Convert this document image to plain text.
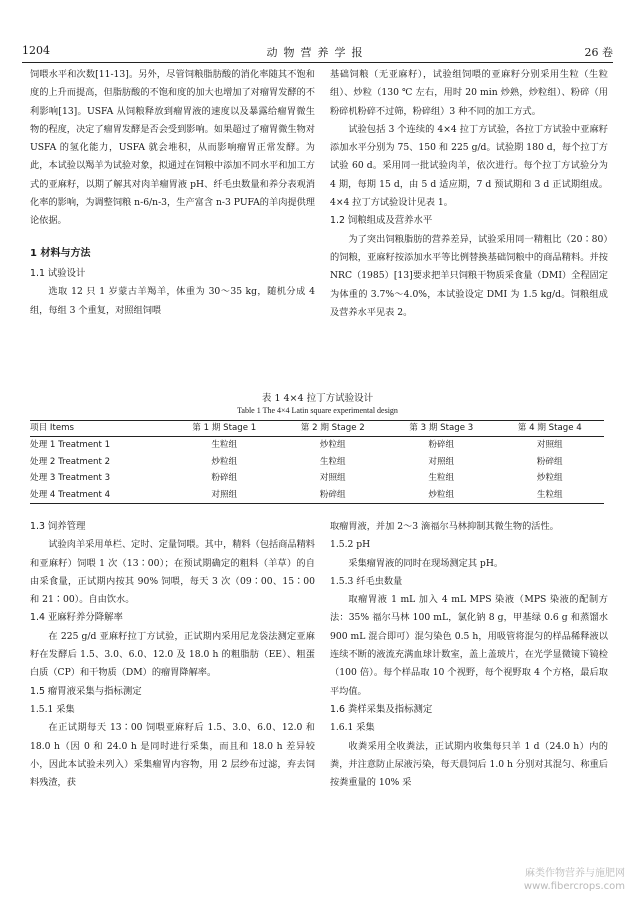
1204	动物营养学报	26 卷

饲喂水平和次数[11-13]。另外，尽管饲粮脂肪酸的消化率随其不饱和度的上升而提高，但脂肪酸的不饱和度的加大也增加了对瘤胃发酵的不利影响[13]。USFA 从饲粮释放到瘤胃液的速度以及暴露给瘤胃微生物的程度，决定了瘤胃发酵是否会受到影响。如果超过了瘤胃微生物对 USFA 的氢化能力，USFA 就会堆积，从而影响瘤胃正常发酵。为此，本试验以羯羊为试验对象，拟通过在饲粮中添加不同水平和加工方式的亚麻籽，以期了解其对肉羊瘤胃液 pH、纤毛虫数量和养分表观消化率的影响，为调整饲粮 n-6/n-3，生产富含 n-3 PUFA的羊肉提供理论依据。

1 材料与方法
1.1 试验设计

选取 12 只 1 岁蒙古羊羯羊，体重为 30～35 kg，随机分成 4 组，每组 3 个重复，对照组饲喂

基础饲粮（无亚麻籽），试验组饲喂的亚麻籽分别采用生粒（生粒组）、炒粒（130 ℃ 左右，用时 20 min 炒熟，炒粒组）、粉碎（用粉碎机粉碎不过筛，粉碎组）3 种不同的加工方式。

试验包括 3 个连续的 4×4 拉丁方试验，各拉丁方试验中亚麻籽添加水平分别为 75、150 和 225 g/d。试验期 180 d，每个拉丁方试验 60 d。采用同一批试验肉羊，依次进行。每个拉丁方试验分为 4 期，每期 15 d，由 5 d 适应期，7 d 预试期和 3 d 正试期组成。4×4 拉丁方试验设计见表 1。

1.2 饲粮组成及营养水平

为了突出饲粮脂肪的营养差异，试验采用同一精粗比（20∶80）的饲粮，亚麻籽按添加水平等比例替换基础饲粮中的商品精料。并按 NRC（1985）[13]要求把羊只饲粮干物质采食量（DMI）全程固定为体重的 3.7%～4.0%，本试验设定 DMI 为 1.5 kg/d。饲粮组成及营养水平见表 2。

表 1 4×4 拉丁方试验设计
Table 1 The 4×4 Latin square experimental design
项目 Items	第 1 期 Stage 1	第 2 期 Stage 2	第 3 期 Stage 3	第 4 期 Stage 4
处理 1 Treatment 1	生粒组	炒粒组	粉碎组	对照组
处理 2 Treatment 2	炒粒组	生粒组	对照组	粉碎组
处理 3 Treatment 3	粉碎组	对照组	生粒组	炒粒组
处理 4 Treatment 4	对照组	粉碎组	炒粒组	生粒组
1.3 饲养管理

试验肉羊采用单栏、定时、定量饲喂。其中，精料（包括商品精料和亚麻籽）饲喂 1 次（13∶00）；在预试期确定的粗料（羊草）的自由采食量，正试期内按其 90% 饲喂，每天 3 次（09∶00、15∶00 和 21∶00）。自由饮水。

1.4 亚麻籽养分降解率

在 225 g/d 亚麻籽拉丁方试验，正试期内采用尼龙袋法测定亚麻籽在发酵后 1.5、3.0、6.0、12.0 及 18.0 h 的粗脂肪（EE）、粗蛋白质（CP）和干物质（DM）的瘤胃降解率。

1.5 瘤胃液采集与指标测定
1.5.1 采集

在正试期每天 13∶00 饲喂亚麻籽后 1.5、3.0、6.0、12.0 和 18.0 h（因 0 和 24.0 h 是同时进行采集，而且和 18.0 h 差异较小，因此本试验未列入）采集瘤胃内容物，用 2 层纱布过滤，弃去饲料残渣，获

取瘤胃液，并加 2～3 滴福尔马林抑制其微生物的活性。

1.5.2 pH

采集瘤胃液的同时在现场测定其 pH。

1.5.3 纤毛虫数量

取瘤胃液 1 mL 加入 4 mL MPS 染液（MPS 染液的配制方法：35% 福尔马林 100 mL，氯化钠 8 g，甲基绿 0.6 g 和蒸馏水 900 mL 混合即可）混匀染色 0.5 h，用吸管将混匀的样品稀释液以连续不断的液流充满血球计数室，盖上盖玻片，在光学显微镜下镜检（100 倍）。每个样品取 10 个视野，每个视野取 4 个方格，最后取平均值。

1.6 粪样采集及指标测定
1.6.1 采集

收粪采用全收粪法，正试期内收集每只羊 1 d（24.0 h）内的粪，并注意防止尿液污染，每天晨饲后 1.0 h 分别对其混匀、称重后按粪重量的 10% 采

麻类作物营养与施肥网
www.fibercrops.com
